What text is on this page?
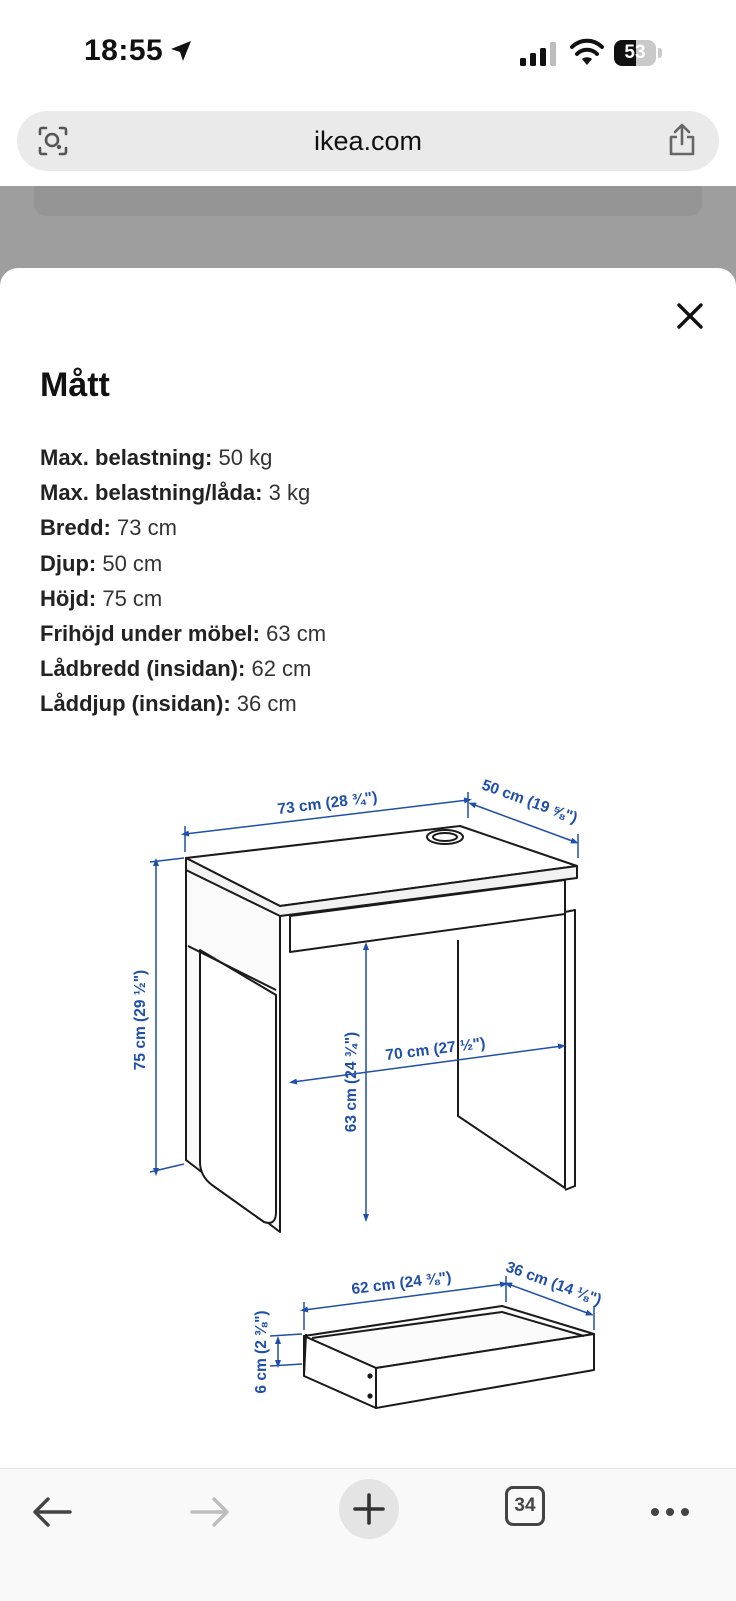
18:55	53
ikea.com
Mått
Max. belastning: 50 kg
Max. belastning/låda: 3 kg
Bredd: 73 cm
Djup: 50 cm
Höjd: 75 cm
Frihöjd under möbel: 63 cm
Lådbredd (insidan): 62 cm
Låddjup (insidan): 36 cm
73 cm (28 ¾")	50 cm (19 ⅝")
75 cm (29 ½")
63 cm (24 ¾") 70 cm (27 ½")
62 cm (24 ⅜")	36 cm (14 ⅛")
6 cm (2 ⅜")
34
